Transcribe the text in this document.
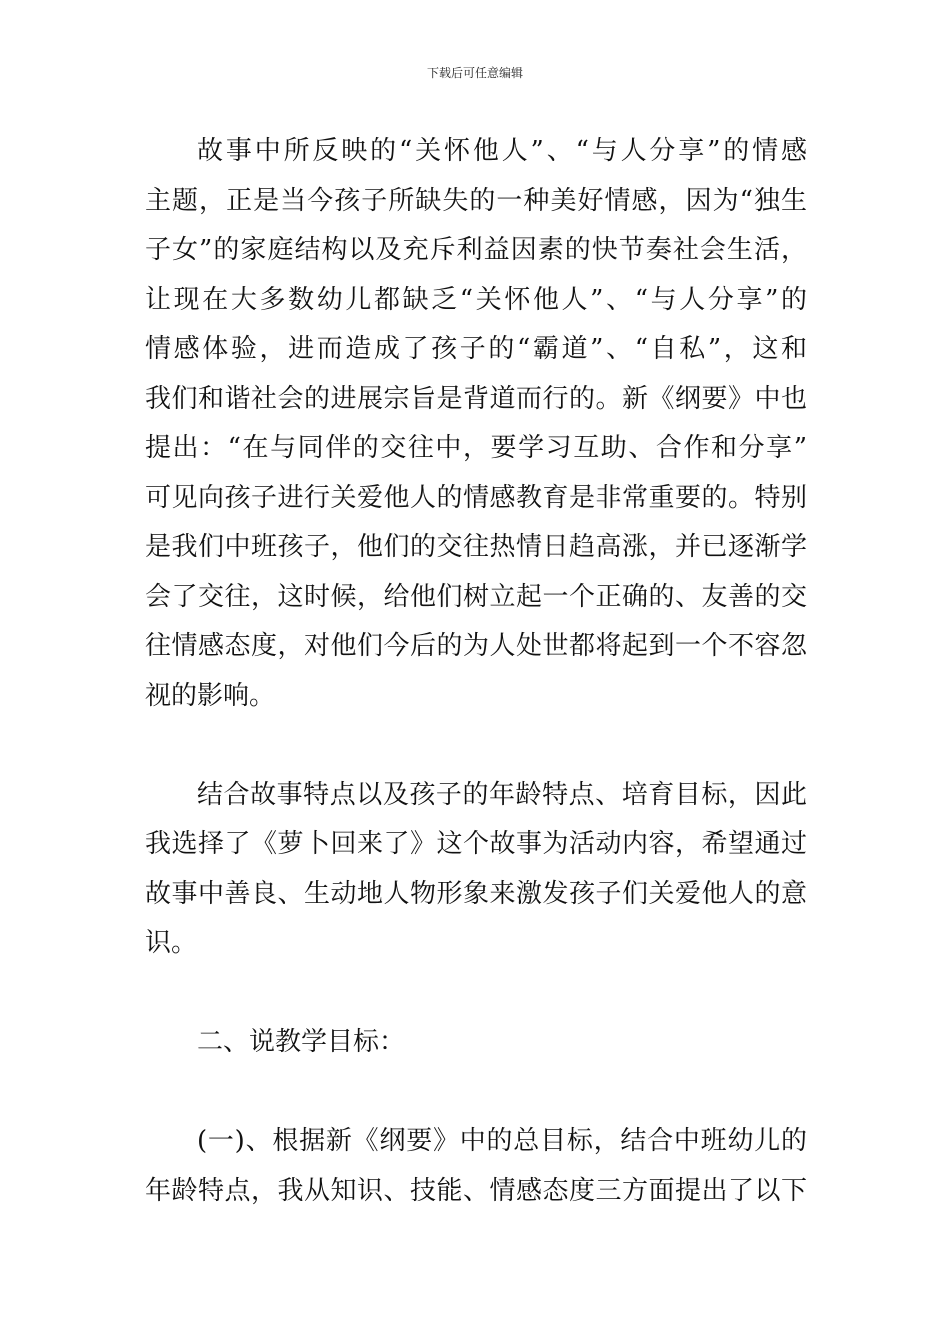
下载后可任意编辑
故事中所反映的“关怀他人”、“与人分享”的情感
主题，正是当今孩子所缺失的一种美好情感，因为“独生
子女”的家庭结构以及充斥利益因素的快节奏社会生活，
让现在大多数幼儿都缺乏“关怀他人”、“与人分享”的
情感体验，进而造成了孩子的“霸道”、“自私”，这和
我们和谐社会的进展宗旨是背道而行的。新《纲要》中也
提出：“在与同伴的交往中，要学习互助、合作和分享”
可见向孩子进行关爱他人的情感教育是非常重要的。特别
是我们中班孩子，他们的交往热情日趋高涨，并已逐渐学
会了交往，这时候，给他们树立起一个正确的、友善的交
往情感态度，对他们今后的为人处世都将起到一个不容忽
视的影响。
结合故事特点以及孩子的年龄特点、培育目标，因此
我选择了《萝卜回来了》这个故事为活动内容，希望通过
故事中善良、生动地人物形象来激发孩子们关爱他人的意
识。
二、说教学目标：
(一)、根据新《纲要》中的总目标，结合中班幼儿的
年龄特点，我从知识、技能、情感态度三方面提出了以下
